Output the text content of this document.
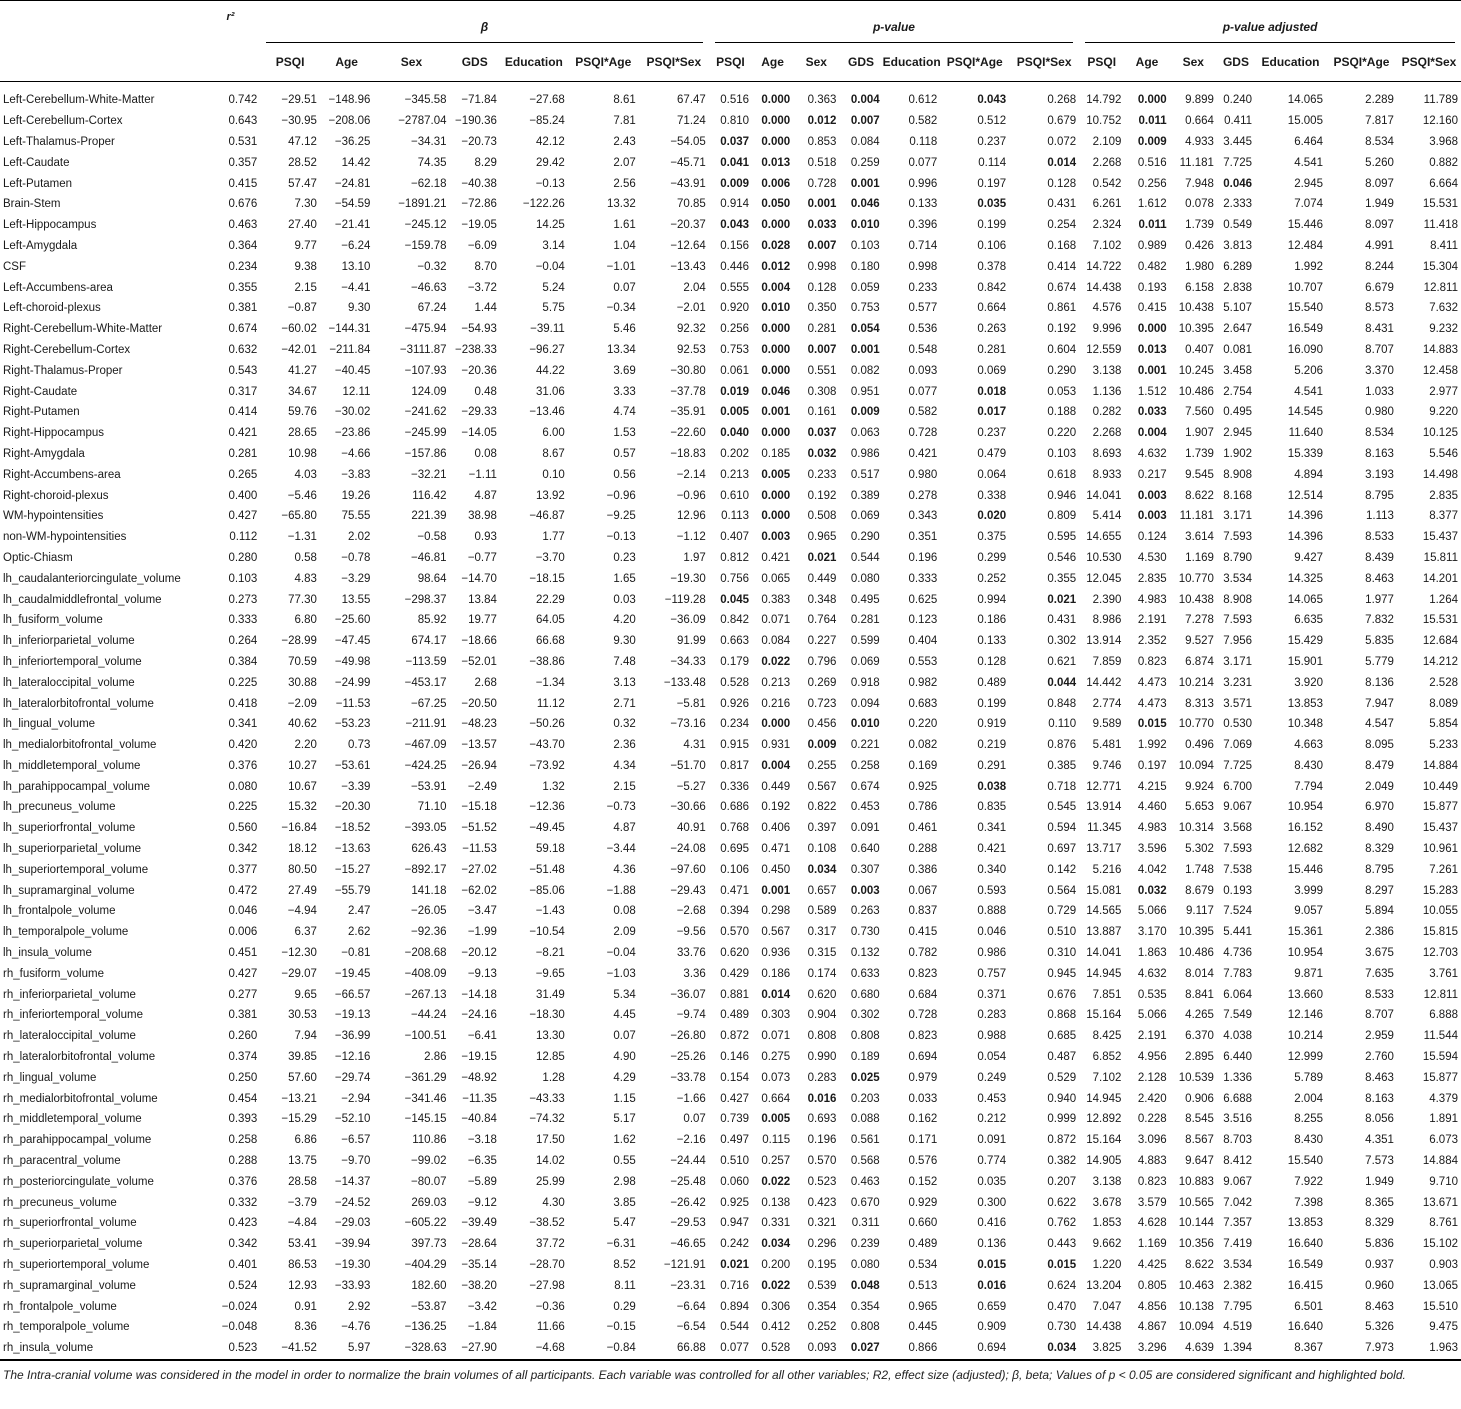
	r²	β							p-value							p-value adjusted						

		PSQI	Age	Sex	GDS	Education	PSQI*Age	PSQI*Sex	PSQI	Age	Sex	GDS	Education	PSQI*Age	PSQI*Sex	PSQI	Age	Sex	GDS	Education	PSQI*Age	PSQI*Sex

Left-Cerebellum-White-Matter	0.742	−29.51	−148.96	−345.58	−71.84	−27.68	8.61	67.47	0.516	0.000	0.363	0.004	0.612	0.043	0.268	14.792	0.000	9.899	0.240	14.065	2.289	11.789
Left-Cerebellum-Cortex	0.643	−30.95	−208.06	−2787.04	−190.36	−85.24	7.81	71.24	0.810	0.000	0.012	0.007	0.582	0.512	0.679	10.752	0.011	0.664	0.411	15.005	7.817	12.160
Left-Thalamus-Proper	0.531	47.12	−36.25	−34.31	−20.73	42.12	2.43	−54.05	0.037	0.000	0.853	0.084	0.118	0.237	0.072	2.109	0.009	4.933	3.445	6.464	8.534	3.968
Left-Caudate	0.357	28.52	14.42	74.35	8.29	29.42	2.07	−45.71	0.041	0.013	0.518	0.259	0.077	0.114	0.014	2.268	0.516	11.181	7.725	4.541	5.260	0.882
Left-Putamen	0.415	57.47	−24.81	−62.18	−40.38	−0.13	2.56	−43.91	0.009	0.006	0.728	0.001	0.996	0.197	0.128	0.542	0.256	7.948	0.046	2.945	8.097	6.664
Brain-Stem	0.676	7.30	−54.59	−1891.21	−72.86	−122.26	13.32	70.85	0.914	0.050	0.001	0.046	0.133	0.035	0.431	6.261	1.612	0.078	2.333	7.074	1.949	15.531
Left-Hippocampus	0.463	27.40	−21.41	−245.12	−19.05	14.25	1.61	−20.37	0.043	0.000	0.033	0.010	0.396	0.199	0.254	2.324	0.011	1.739	0.549	15.446	8.097	11.418
Left-Amygdala	0.364	9.77	−6.24	−159.78	−6.09	3.14	1.04	−12.64	0.156	0.028	0.007	0.103	0.714	0.106	0.168	7.102	0.989	0.426	3.813	12.484	4.991	8.411
CSF	0.234	9.38	13.10	−0.32	8.70	−0.04	−1.01	−13.43	0.446	0.012	0.998	0.180	0.998	0.378	0.414	14.722	0.482	1.980	6.289	1.992	8.244	15.304
Left-Accumbens-area	0.355	2.15	−4.41	−46.63	−3.72	5.24	0.07	2.04	0.555	0.004	0.128	0.059	0.233	0.842	0.674	14.438	0.193	6.158	2.838	10.707	6.679	12.811
Left-choroid-plexus	0.381	−0.87	9.30	67.24	1.44	5.75	−0.34	−2.01	0.920	0.010	0.350	0.753	0.577	0.664	0.861	4.576	0.415	10.438	5.107	15.540	8.573	7.632
Right-Cerebellum-White-Matter	0.674	−60.02	−144.31	−475.94	−54.93	−39.11	5.46	92.32	0.256	0.000	0.281	0.054	0.536	0.263	0.192	9.996	0.000	10.395	2.647	16.549	8.431	9.232
Right-Cerebellum-Cortex	0.632	−42.01	−211.84	−3111.87	−238.33	−96.27	13.34	92.53	0.753	0.000	0.007	0.001	0.548	0.281	0.604	12.559	0.013	0.407	0.081	16.090	8.707	14.883
Right-Thalamus-Proper	0.543	41.27	−40.45	−107.93	−20.36	44.22	3.69	−30.80	0.061	0.000	0.551	0.082	0.093	0.069	0.290	3.138	0.001	10.245	3.458	5.206	3.370	12.458
Right-Caudate	0.317	34.67	12.11	124.09	0.48	31.06	3.33	−37.78	0.019	0.046	0.308	0.951	0.077	0.018	0.053	1.136	1.512	10.486	2.754	4.541	1.033	2.977
Right-Putamen	0.414	59.76	−30.02	−241.62	−29.33	−13.46	4.74	−35.91	0.005	0.001	0.161	0.009	0.582	0.017	0.188	0.282	0.033	7.560	0.495	14.545	0.980	9.220
Right-Hippocampus	0.421	28.65	−23.86	−245.99	−14.05	6.00	1.53	−22.60	0.040	0.000	0.037	0.063	0.728	0.237	0.220	2.268	0.004	1.907	2.945	11.640	8.534	10.125
Right-Amygdala	0.281	10.98	−4.66	−157.86	0.08	8.67	0.57	−18.83	0.202	0.185	0.032	0.986	0.421	0.479	0.103	8.693	4.632	1.739	1.902	15.339	8.163	5.546
Right-Accumbens-area	0.265	4.03	−3.83	−32.21	−1.11	0.10	0.56	−2.14	0.213	0.005	0.233	0.517	0.980	0.064	0.618	8.933	0.217	9.545	8.908	4.894	3.193	14.498
Right-choroid-plexus	0.400	−5.46	19.26	116.42	4.87	13.92	−0.96	−0.96	0.610	0.000	0.192	0.389	0.278	0.338	0.946	14.041	0.003	8.622	8.168	12.514	8.795	2.835
WM-hypointensities	0.427	−65.80	75.55	221.39	38.98	−46.87	−9.25	12.96	0.113	0.000	0.508	0.069	0.343	0.020	0.809	5.414	0.003	11.181	3.171	14.396	1.113	8.377
non-WM-hypointensities	0.112	−1.31	2.02	−0.58	0.93	1.77	−0.13	−1.12	0.407	0.003	0.965	0.290	0.351	0.375	0.595	14.655	0.124	3.614	7.593	14.396	8.533	15.437
Optic-Chiasm	0.280	0.58	−0.78	−46.81	−0.77	−3.70	0.23	1.97	0.812	0.421	0.021	0.544	0.196	0.299	0.546	10.530	4.530	1.169	8.790	9.427	8.439	15.811
lh_caudalanteriorcingulate_volume	0.103	4.83	−3.29	98.64	−14.70	−18.15	1.65	−19.30	0.756	0.065	0.449	0.080	0.333	0.252	0.355	12.045	2.835	10.770	3.534	14.325	8.463	14.201
lh_caudalmiddlefrontal_volume	0.273	77.30	13.55	−298.37	13.84	22.29	0.03	−119.28	0.045	0.383	0.348	0.495	0.625	0.994	0.021	2.390	4.983	10.438	8.908	14.065	1.977	1.264
lh_fusiform_volume	0.333	6.80	−25.60	85.92	19.77	64.05	4.20	−36.09	0.842	0.071	0.764	0.281	0.123	0.186	0.431	8.986	2.191	7.278	7.593	6.635	7.832	15.531
lh_inferiorparietal_volume	0.264	−28.99	−47.45	674.17	−18.66	66.68	9.30	91.99	0.663	0.084	0.227	0.599	0.404	0.133	0.302	13.914	2.352	9.527	7.956	15.429	5.835	12.684
lh_inferiortemporal_volume	0.384	70.59	−49.98	−113.59	−52.01	−38.86	7.48	−34.33	0.179	0.022	0.796	0.069	0.553	0.128	0.621	7.859	0.823	6.874	3.171	15.901	5.779	14.212
lh_lateraloccipital_volume	0.225	30.88	−24.99	−453.17	2.68	−1.34	3.13	−133.48	0.528	0.213	0.269	0.918	0.982	0.489	0.044	14.442	4.473	10.214	3.231	3.920	8.136	2.528
lh_lateralorbitofrontal_volume	0.418	−2.09	−11.53	−67.25	−20.50	11.12	2.71	−5.81	0.926	0.216	0.723	0.094	0.683	0.199	0.848	2.774	4.473	8.313	3.571	13.853	7.947	8.089
lh_lingual_volume	0.341	40.62	−53.23	−211.91	−48.23	−50.26	0.32	−73.16	0.234	0.000	0.456	0.010	0.220	0.919	0.110	9.589	0.015	10.770	0.530	10.348	4.547	5.854
lh_medialorbitofrontal_volume	0.420	2.20	0.73	−467.09	−13.57	−43.70	2.36	4.31	0.915	0.931	0.009	0.221	0.082	0.219	0.876	5.481	1.992	0.496	7.069	4.663	8.095	5.233
lh_middletemporal_volume	0.376	10.27	−53.61	−424.25	−26.94	−73.92	4.34	−51.70	0.817	0.004	0.255	0.258	0.169	0.291	0.385	9.746	0.197	10.094	7.725	8.430	8.479	14.884
lh_parahippocampal_volume	0.080	10.67	−3.39	−53.91	−2.49	1.32	2.15	−5.27	0.336	0.449	0.567	0.674	0.925	0.038	0.718	12.771	4.215	9.924	6.700	7.794	2.049	10.449
lh_precuneus_volume	0.225	15.32	−20.30	71.10	−15.18	−12.36	−0.73	−30.66	0.686	0.192	0.822	0.453	0.786	0.835	0.545	13.914	4.460	5.653	9.067	10.954	6.970	15.877
lh_superiorfrontal_volume	0.560	−16.84	−18.52	−393.05	−51.52	−49.45	4.87	40.91	0.768	0.406	0.397	0.091	0.461	0.341	0.594	11.345	4.983	10.314	3.568	16.152	8.490	15.437
lh_superiorparietal_volume	0.342	18.12	−13.63	626.43	−11.53	59.18	−3.44	−24.08	0.695	0.471	0.108	0.640	0.288	0.421	0.697	13.717	3.596	5.302	7.593	12.682	8.329	10.961
lh_superiortemporal_volume	0.377	80.50	−15.27	−892.17	−27.02	−51.48	4.36	−97.60	0.106	0.450	0.034	0.307	0.386	0.340	0.142	5.216	4.042	1.748	7.538	15.446	8.795	7.261
lh_supramarginal_volume	0.472	27.49	−55.79	141.18	−62.02	−85.06	−1.88	−29.43	0.471	0.001	0.657	0.003	0.067	0.593	0.564	15.081	0.032	8.679	0.193	3.999	8.297	15.283
lh_frontalpole_volume	0.046	−4.94	2.47	−26.05	−3.47	−1.43	0.08	−2.68	0.394	0.298	0.589	0.263	0.837	0.888	0.729	14.565	5.066	9.117	7.524	9.057	5.894	10.055
lh_temporalpole_volume	0.006	6.37	2.62	−92.36	−1.99	−10.54	2.09	−9.56	0.570	0.567	0.317	0.730	0.415	0.046	0.510	13.887	3.170	10.395	5.441	15.361	2.386	15.815
lh_insula_volume	0.451	−12.30	−0.81	−208.68	−20.12	−8.21	−0.04	33.76	0.620	0.936	0.315	0.132	0.782	0.986	0.310	14.041	1.863	10.486	4.736	10.954	3.675	12.703
rh_fusiform_volume	0.427	−29.07	−19.45	−408.09	−9.13	−9.65	−1.03	3.36	0.429	0.186	0.174	0.633	0.823	0.757	0.945	14.945	4.632	8.014	7.783	9.871	7.635	3.761
rh_inferiorparietal_volume	0.277	9.65	−66.57	−267.13	−14.18	31.49	5.34	−36.07	0.881	0.014	0.620	0.680	0.684	0.371	0.676	7.851	0.535	8.841	6.064	13.660	8.533	12.811
rh_inferiortemporal_volume	0.381	30.53	−19.13	−44.24	−24.16	−18.30	4.45	−9.74	0.489	0.303	0.904	0.302	0.728	0.283	0.868	15.164	5.066	4.265	7.549	12.146	8.707	6.888
rh_lateraloccipital_volume	0.260	7.94	−36.99	−100.51	−6.41	13.30	0.07	−26.80	0.872	0.071	0.808	0.808	0.823	0.988	0.685	8.425	2.191	6.370	4.038	10.214	2.959	11.544
rh_lateralorbitofrontal_volume	0.374	39.85	−12.16	2.86	−19.15	12.85	4.90	−25.26	0.146	0.275	0.990	0.189	0.694	0.054	0.487	6.852	4.956	2.895	6.440	12.999	2.760	15.594
rh_lingual_volume	0.250	57.60	−29.74	−361.29	−48.92	1.28	4.29	−33.78	0.154	0.073	0.283	0.025	0.979	0.249	0.529	7.102	2.128	10.539	1.336	5.789	8.463	15.877
rh_medialorbitofrontal_volume	0.454	−13.21	−2.94	−341.46	−11.35	−43.33	1.15	−1.66	0.427	0.664	0.016	0.203	0.033	0.453	0.940	14.945	2.420	0.906	6.688	2.004	8.163	4.379
rh_middletemporal_volume	0.393	−15.29	−52.10	−145.15	−40.84	−74.32	5.17	0.07	0.739	0.005	0.693	0.088	0.162	0.212	0.999	12.892	0.228	8.545	3.516	8.255	8.056	1.891
rh_parahippocampal_volume	0.258	6.86	−6.57	110.86	−3.18	17.50	1.62	−2.16	0.497	0.115	0.196	0.561	0.171	0.091	0.872	15.164	3.096	8.567	8.703	8.430	4.351	6.073
rh_paracentral_volume	0.288	13.75	−9.70	−99.02	−6.35	14.02	0.55	−24.44	0.510	0.257	0.570	0.568	0.576	0.774	0.382	14.905	4.883	9.647	8.412	15.540	7.573	14.884
rh_posteriorcingulate_volume	0.376	28.58	−14.37	−80.07	−5.89	25.99	2.98	−25.48	0.060	0.022	0.523	0.463	0.152	0.035	0.207	3.138	0.823	10.883	9.067	7.922	1.949	9.710
rh_precuneus_volume	0.332	−3.79	−24.52	269.03	−9.12	4.30	3.85	−26.42	0.925	0.138	0.423	0.670	0.929	0.300	0.622	3.678	3.579	10.565	7.042	7.398	8.365	13.671
rh_superiorfrontal_volume	0.423	−4.84	−29.03	−605.22	−39.49	−38.52	5.47	−29.53	0.947	0.331	0.321	0.311	0.660	0.416	0.762	1.853	4.628	10.144	7.357	13.853	8.329	8.761
rh_superiorparietal_volume	0.342	53.41	−39.94	397.73	−28.64	37.72	−6.31	−46.65	0.242	0.034	0.296	0.239	0.489	0.136	0.443	9.662	1.169	10.356	7.419	16.640	5.836	15.102
rh_superiortemporal_volume	0.401	86.53	−19.30	−404.29	−35.14	−28.70	8.52	−121.91	0.021	0.200	0.195	0.080	0.534	0.015	0.015	1.220	4.425	8.622	3.534	16.549	0.937	0.903
rh_supramarginal_volume	0.524	12.93	−33.93	182.60	−38.20	−27.98	8.11	−23.31	0.716	0.022	0.539	0.048	0.513	0.016	0.624	13.204	0.805	10.463	2.382	16.415	0.960	13.065
rh_frontalpole_volume	−0.024	0.91	2.92	−53.87	−3.42	−0.36	0.29	−6.64	0.894	0.306	0.354	0.354	0.965	0.659	0.470	7.047	4.856	10.138	7.795	6.501	8.463	15.510
rh_temporalpole_volume	−0.048	8.36	−4.76	−136.25	−1.84	11.66	−0.15	−6.54	0.544	0.412	0.252	0.808	0.445	0.909	0.730	14.438	4.867	10.094	4.519	16.640	5.326	9.475
rh_insula_volume	0.523	−41.52	5.97	−328.63	−27.90	−4.68	−0.84	66.88	0.077	0.528	0.093	0.027	0.866	0.694	0.034	3.825	3.296	4.639	1.394	8.367	7.973	1.963

The Intra-cranial volume was considered in the model in order to normalize the brain volumes of all participants. Each variable was controlled for all other variables; R2, effect size (adjusted); β, beta; Values of p < 0.05 are considered significant and highlighted bold.
